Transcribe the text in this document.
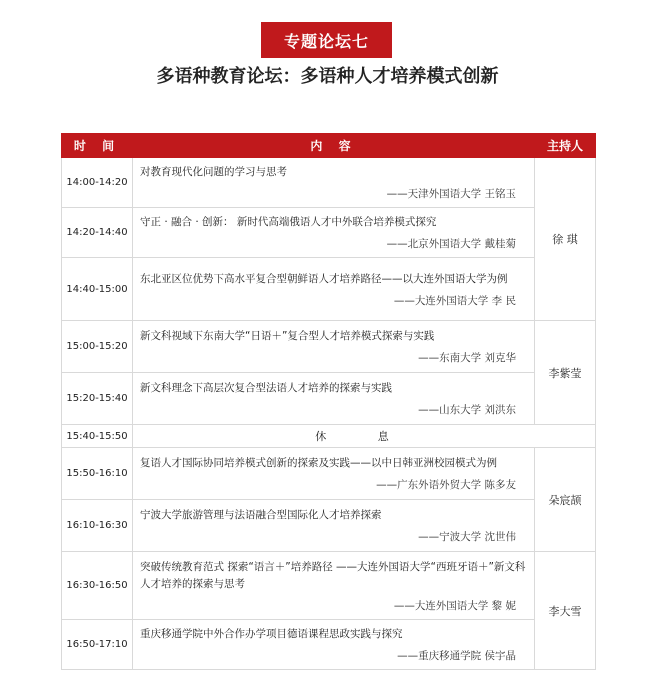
专题论坛七
多语种教育论坛：多语种人才培养模式创新
时 间	内 容	主持人
14:00-14:20	对教育现代化问题的学习与思考
——天津外国语大学 王铭玉	徐 琪
14:20-14:40	守正 · 融合 · 创新： 新时代高端俄语人才中外联合培养模式探究
——北京外国语大学 戴桂菊	

14:40-15:00	东北亚区位优势下高水平复合型朝鲜语人才培养路径——以大连外国语大学为例
——大连外国语大学 李 民	

15:00-15:20	新文科视域下东南大学“日语＋”复合型人才培养模式探索与实践
——东南大学 刘克华	李紫莹
15:20-15:40	新文科理念下高层次复合型法语人才培养的探索与实践
——山东大学 刘洪东	

15:40-15:50	休 息	
15:50-16:10	复语人才国际协同培养模式创新的探索及实践——以中日韩亚洲校园模式为例
——广东外语外贸大学 陈多友	朵宸颉
16:10-16:30	宁波大学旅游管理与法语融合型国际化人才培养探索
——宁波大学 沈世伟	

16:30-16:50	突破传统教育范式 探索“语言＋”培养路径 ——大连外国语大学“西班牙语＋”新文科人才培养的探索与思考
——大连外国语大学 黎 妮	李大雪
16:50-17:10	重庆移通学院中外合作办学项目德语课程思政实践与探究
——重庆移通学院 侯宇晶	
